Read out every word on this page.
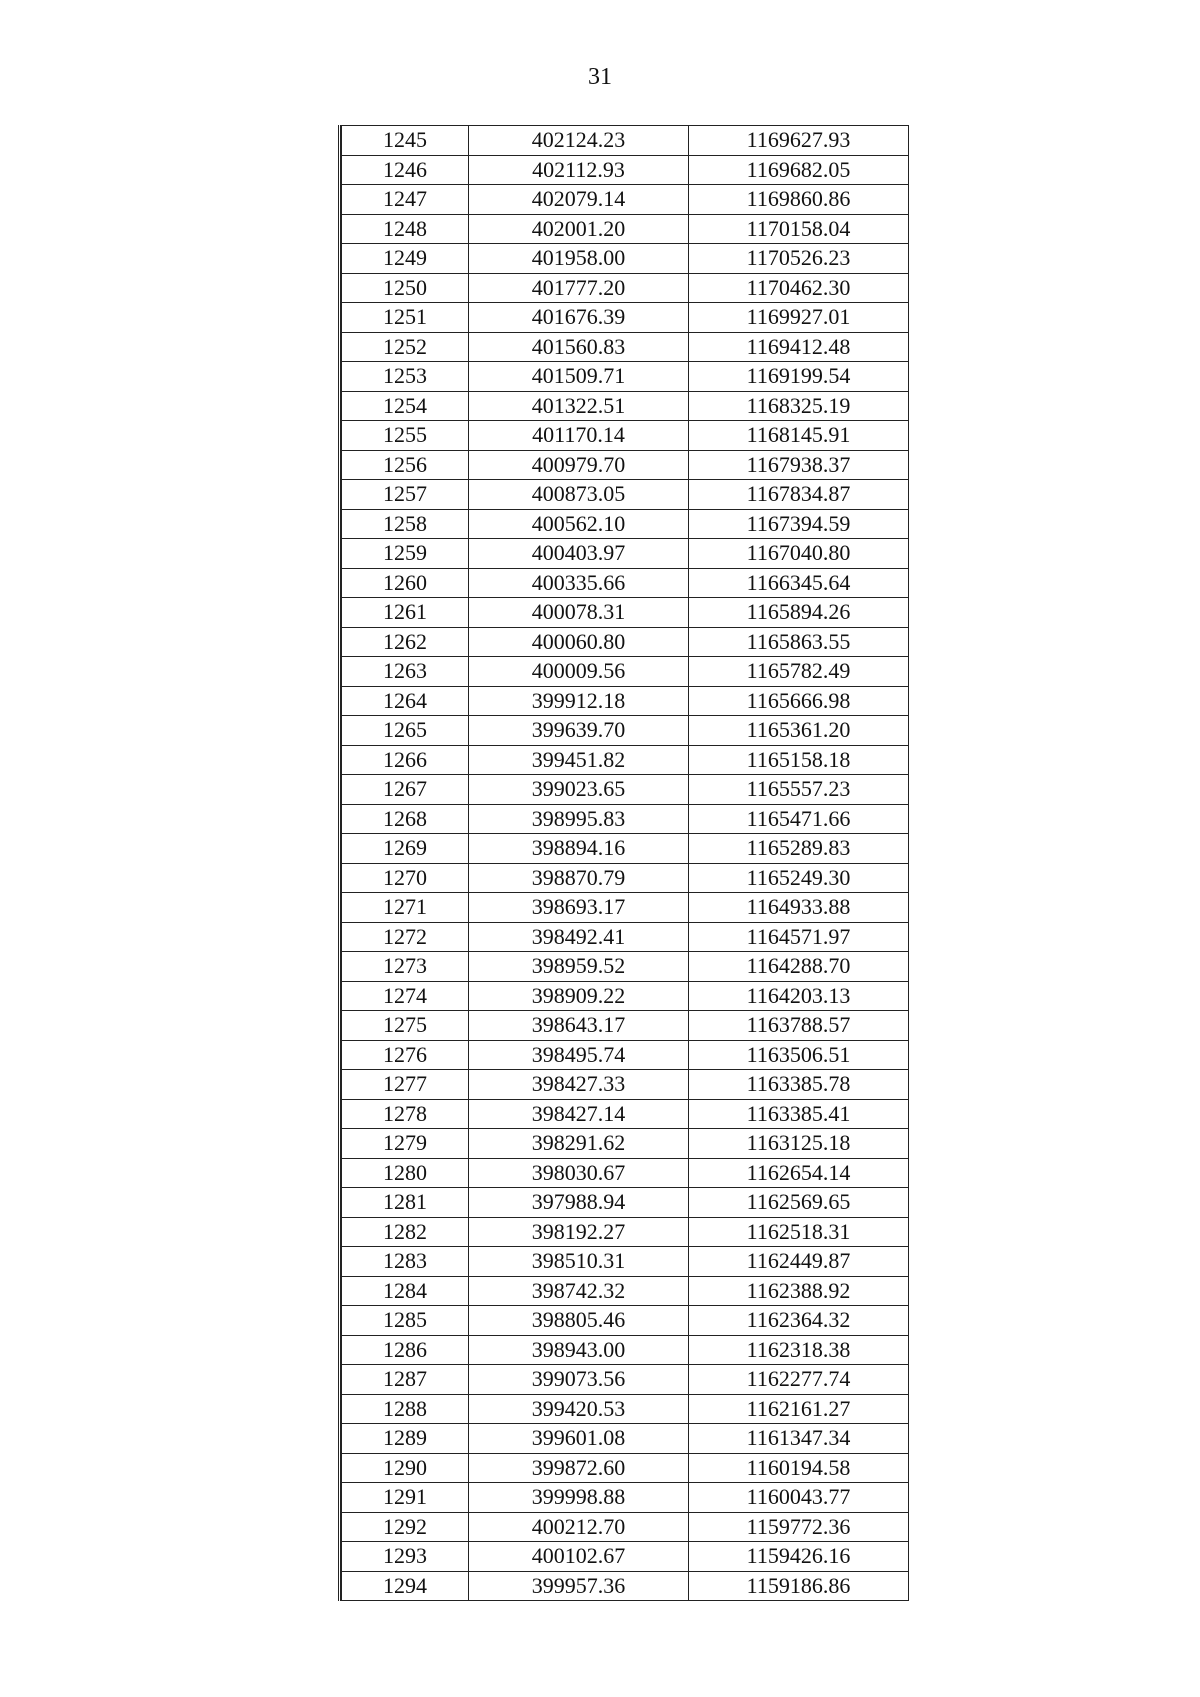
31
1245	402124.23	1169627.93
1246	402112.93	1169682.05
1247	402079.14	1169860.86
1248	402001.20	1170158.04
1249	401958.00	1170526.23
1250	401777.20	1170462.30
1251	401676.39	1169927.01
1252	401560.83	1169412.48
1253	401509.71	1169199.54
1254	401322.51	1168325.19
1255	401170.14	1168145.91
1256	400979.70	1167938.37
1257	400873.05	1167834.87
1258	400562.10	1167394.59
1259	400403.97	1167040.80
1260	400335.66	1166345.64
1261	400078.31	1165894.26
1262	400060.80	1165863.55
1263	400009.56	1165782.49
1264	399912.18	1165666.98
1265	399639.70	1165361.20
1266	399451.82	1165158.18
1267	399023.65	1165557.23
1268	398995.83	1165471.66
1269	398894.16	1165289.83
1270	398870.79	1165249.30
1271	398693.17	1164933.88
1272	398492.41	1164571.97
1273	398959.52	1164288.70
1274	398909.22	1164203.13
1275	398643.17	1163788.57
1276	398495.74	1163506.51
1277	398427.33	1163385.78
1278	398427.14	1163385.41
1279	398291.62	1163125.18
1280	398030.67	1162654.14
1281	397988.94	1162569.65
1282	398192.27	1162518.31
1283	398510.31	1162449.87
1284	398742.32	1162388.92
1285	398805.46	1162364.32
1286	398943.00	1162318.38
1287	399073.56	1162277.74
1288	399420.53	1162161.27
1289	399601.08	1161347.34
1290	399872.60	1160194.58
1291	399998.88	1160043.77
1292	400212.70	1159772.36
1293	400102.67	1159426.16
1294	399957.36	1159186.86
